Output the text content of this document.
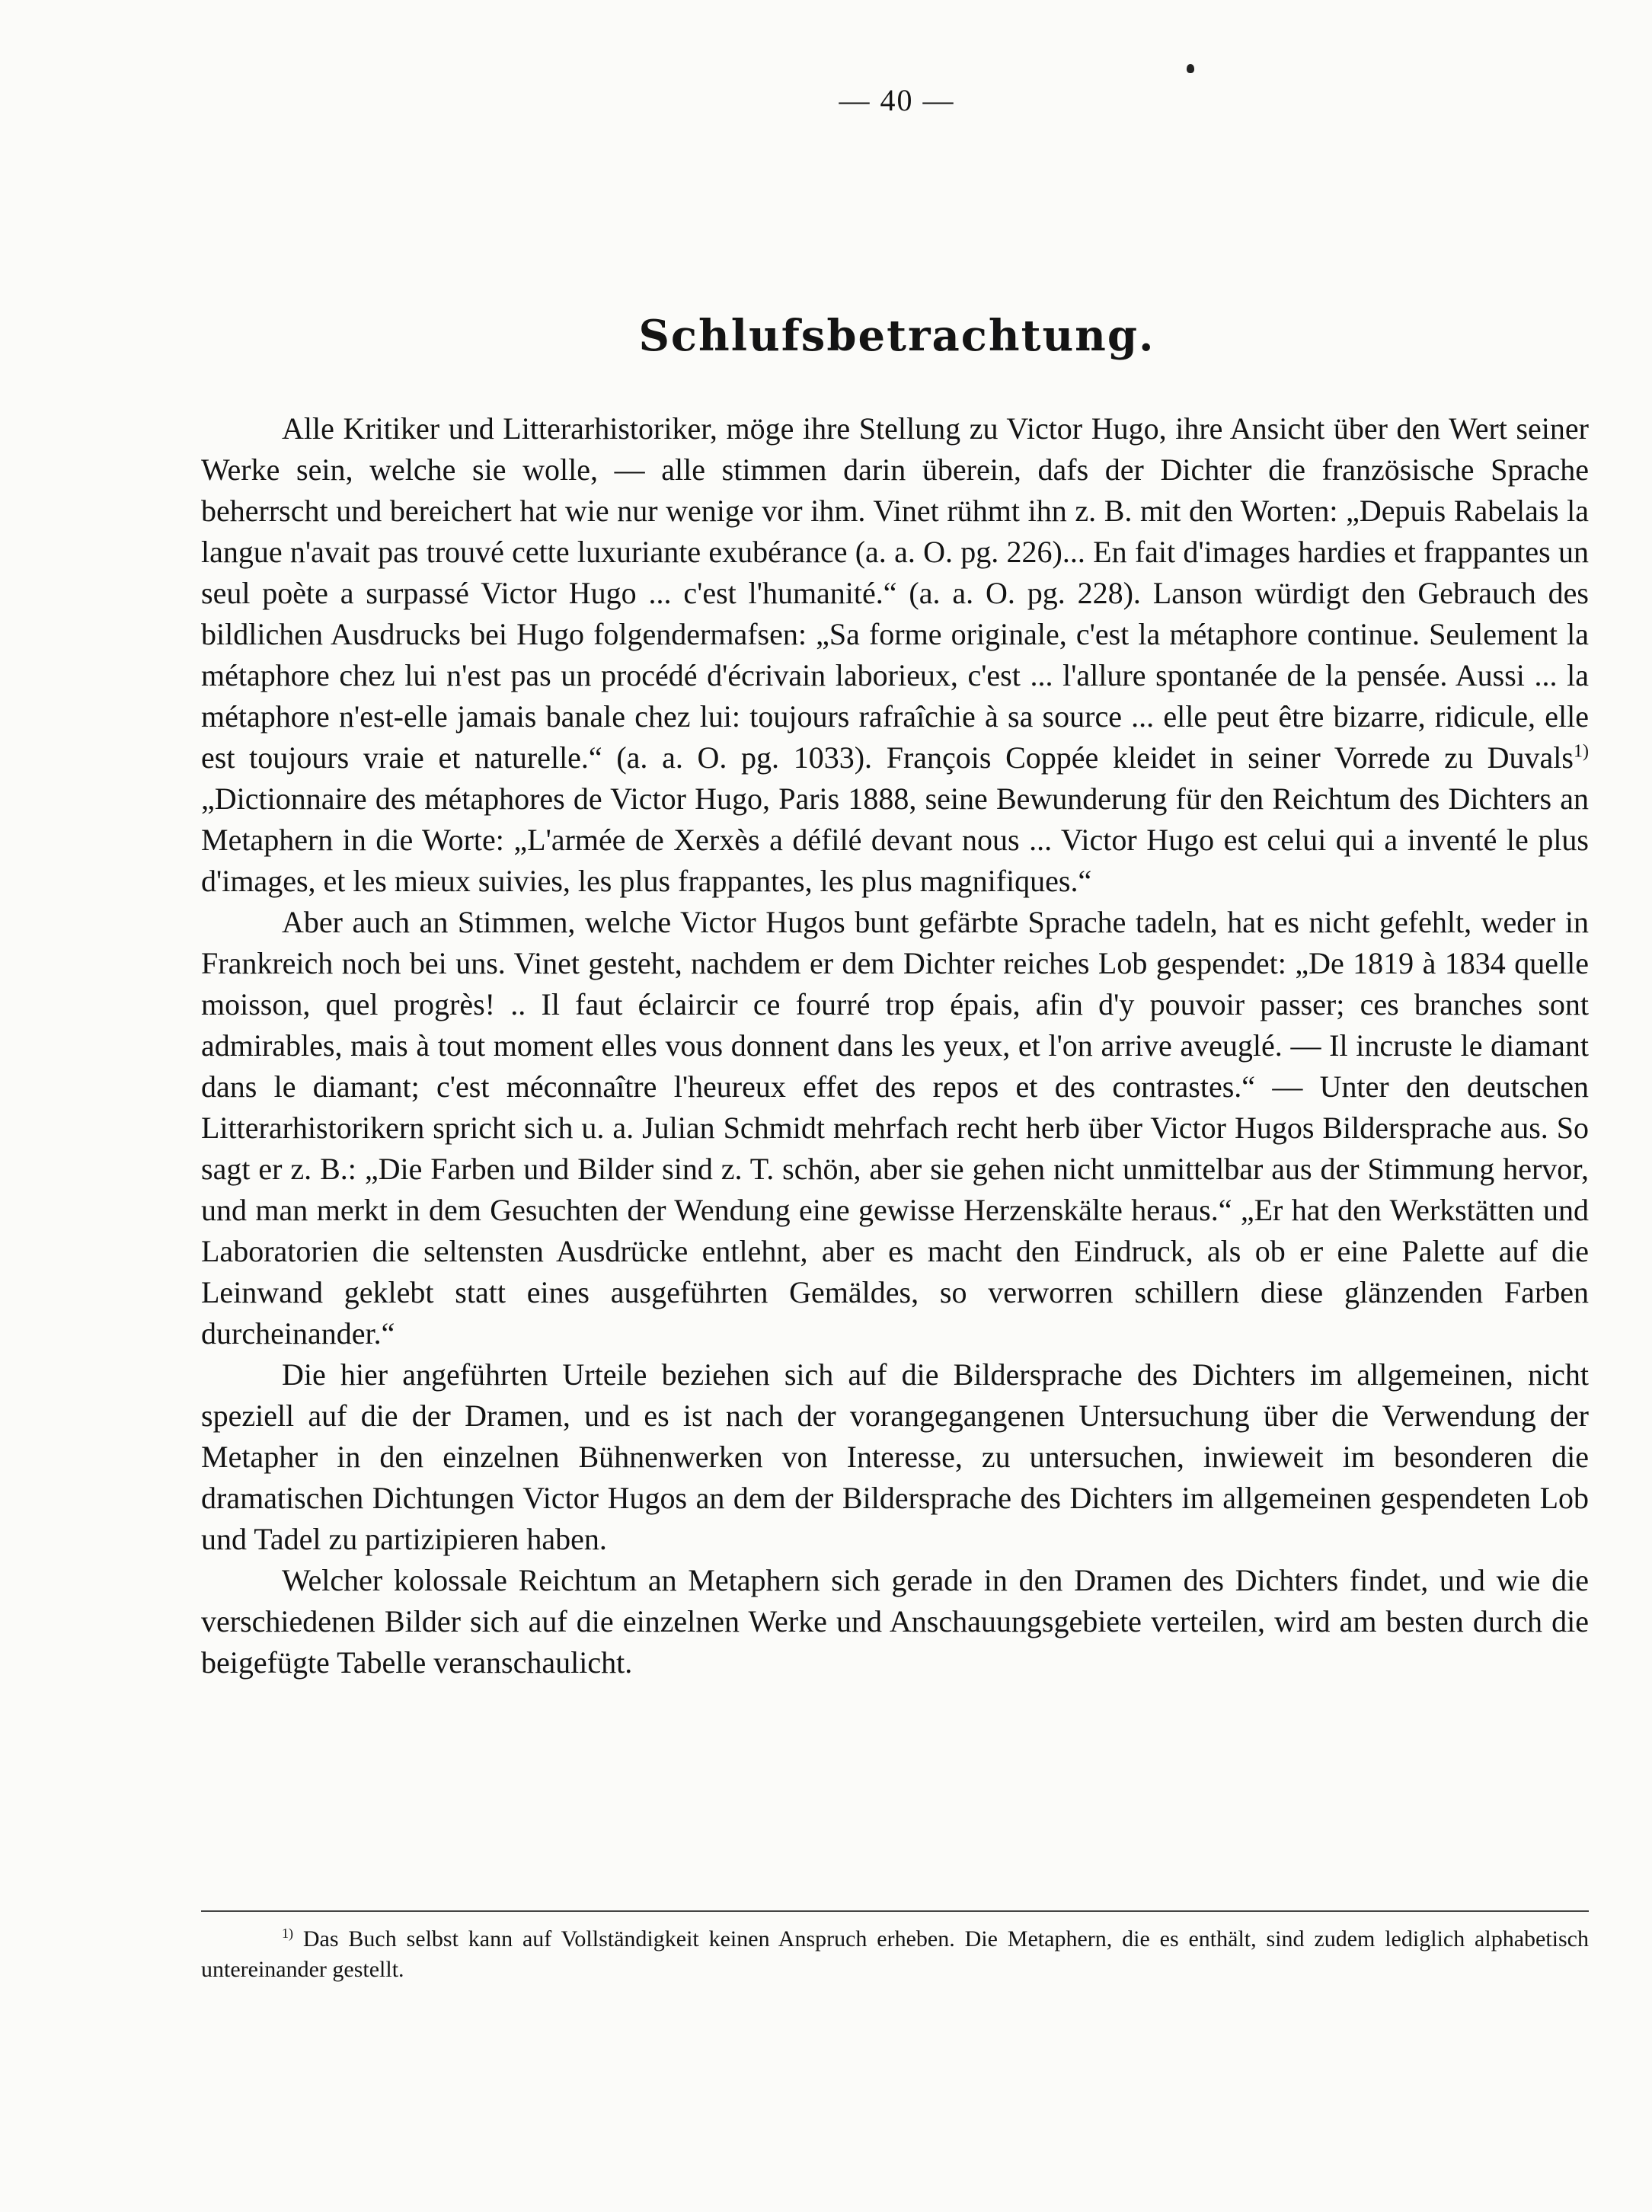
— 40 —
Schlufsbetrachtung.

Alle Kritiker und Litterarhistoriker, möge ihre Stellung zu Victor Hugo, ihre Ansicht über den Wert seiner Werke sein, welche sie wolle, — alle stimmen darin überein, dafs der Dichter die französische Sprache beherrscht und bereichert hat wie nur wenige vor ihm. Vinet rühmt ihn z. B. mit den Worten: „Depuis Rabelais la langue n'avait pas trouvé cette luxuriante exubérance (a. a. O. pg. 226)... En fait d'images hardies et frappantes un seul poète a surpassé Victor Hugo ... c'est l'humanité.“ (a. a. O. pg. 228). Lanson würdigt den Gebrauch des bildlichen Ausdrucks bei Hugo folgendermafsen: „Sa forme originale, c'est la métaphore continue. Seulement la métaphore chez lui n'est pas un procédé d'écrivain laborieux, c'est ... l'allure spontanée de la pensée. Aussi ... la métaphore n'est-elle jamais banale chez lui: toujours rafraîchie à sa source ... elle peut être bizarre, ridicule, elle est toujours vraie et naturelle.“ (a. a. O. pg. 1033). François Coppée kleidet in seiner Vorrede zu Duvals$^{1)}$ „Dictionnaire des métaphores de Victor Hugo, Paris 1888, seine Bewunderung für den Reichtum des Dichters an Metaphern in die Worte: „L'armée de Xerxès a défilé devant nous ... Victor Hugo est celui qui a inventé le plus d'images, et les mieux suivies, les plus frappantes, les plus magnifiques.“

Aber auch an Stimmen, welche Victor Hugos bunt gefärbte Sprache tadeln, hat es nicht gefehlt, weder in Frankreich noch bei uns. Vinet gesteht, nachdem er dem Dichter reiches Lob gespendet: „De 1819 à 1834 quelle moisson, quel progrès! .. Il faut éclaircir ce fourré trop épais, afin d'y pouvoir passer; ces branches sont admirables, mais à tout moment elles vous donnent dans les yeux, et l'on arrive aveuglé. — Il incruste le diamant dans le diamant; c'est méconnaître l'heureux effet des repos et des contrastes.“ — Unter den deutschen Litterarhistorikern spricht sich u. a. Julian Schmidt mehrfach recht herb über Victor Hugos Bildersprache aus. So sagt er z. B.: „Die Farben und Bilder sind z. T. schön, aber sie gehen nicht unmittelbar aus der Stimmung hervor, und man merkt in dem Gesuchten der Wendung eine gewisse Herzenskälte heraus.“ „Er hat den Werkstätten und Laboratorien die seltensten Ausdrücke entlehnt, aber es macht den Eindruck, als ob er eine Palette auf die Leinwand geklebt statt eines ausgeführten Gemäldes, so verworren schillern diese glänzenden Farben durcheinander.“

Die hier angeführten Urteile beziehen sich auf die Bildersprache des Dichters im allgemeinen, nicht speziell auf die der Dramen, und es ist nach der vorangegangenen Untersuchung über die Verwendung der Metapher in den einzelnen Bühnenwerken von Interesse, zu untersuchen, inwieweit im besonderen die dramatischen Dichtungen Victor Hugos an dem der Bildersprache des Dichters im allgemeinen gespendeten Lob und Tadel zu partizipieren haben.

Welcher kolossale Reichtum an Metaphern sich gerade in den Dramen des Dichters findet, und wie die verschiedenen Bilder sich auf die einzelnen Werke und Anschauungsgebiete verteilen, wird am besten durch die beigefügte Tabelle veranschaulicht.

$^{1)}$ Das Buch selbst kann auf Vollständigkeit keinen Anspruch erheben. Die Metaphern, die es enthält, sind zudem lediglich alphabetisch untereinander gestellt.
